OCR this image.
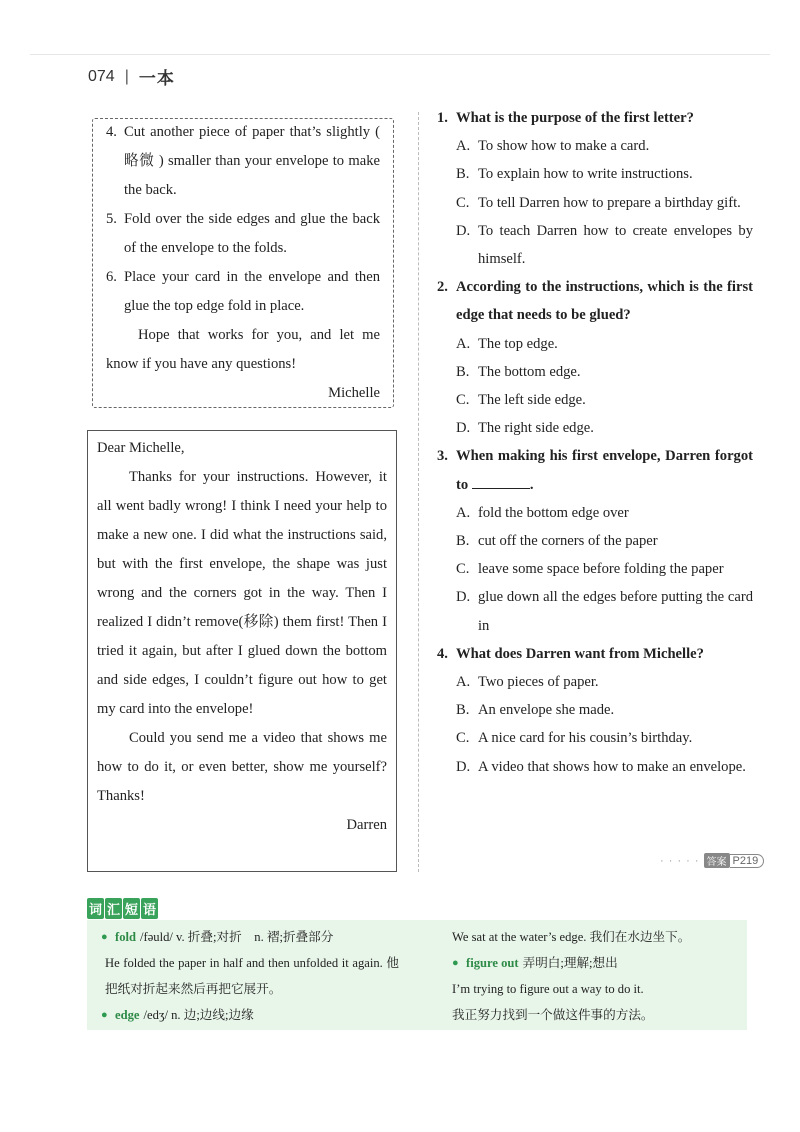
074 | 一本
4. Cut another piece of paper that’s slightly ( 略微 ) smaller than your envelope to make the back.
5. Fold over the side edges and glue the back of the envelope to the folds.
6. Place your card in the envelope and then glue the top edge fold in place.
Hope that works for you, and let me know if you have any questions!
Michelle
Dear Michelle,
Thanks for your instructions. However, it all went badly wrong! I think I need your help to make a new one. I did what the instructions said, but with the first envelope, the shape was just wrong and the corners got in the way. Then I realized I didn’t remove(移除) them first! Then I tried it again, but after I glued down the bottom and side edges, I couldn’t figure out how to get my card into the envelope!
Could you send me a video that shows me how to do it, or even better, show me yourself? Thanks!
Darren
1. What is the purpose of the first letter?
A. To show how to make a card.
B. To explain how to write instructions.
C. To tell Darren how to prepare a birthday gift.
D. To teach Darren how to create envelopes by himself.
2. According to the instructions, which is the first edge that needs to be glued?
A. The top edge.
B. The bottom edge.
C. The left side edge.
D. The right side edge.
3. When making his first envelope, Darren forgot to	.
A. fold the bottom edge over
B. cut off the corners of the paper
C. leave some space before folding the paper
D. glue down all the edges before putting the card in
4. What does Darren want from Michelle?
A. Two pieces of paper.
B. An envelope she made.
C. A nice card for his cousin’s birthday.
D. A video that shows how to make an envelope.
· · · · · 答案 P219
词 汇 短 语
● fold /fəuld/ v. 折叠;对折　n. 褶;折叠部分
He folded the paper in half and then unfolded it again. 他把纸对折起来然后再把它展开。
● edge /edʒ/ n. 边;边线;边缘
We sat at the water’s edge. 我们在水边坐下。
● figure out 弄明白;理解;想出
I’m trying to figure out a way to do it.
我正努力找到一个做这件事的方法。
